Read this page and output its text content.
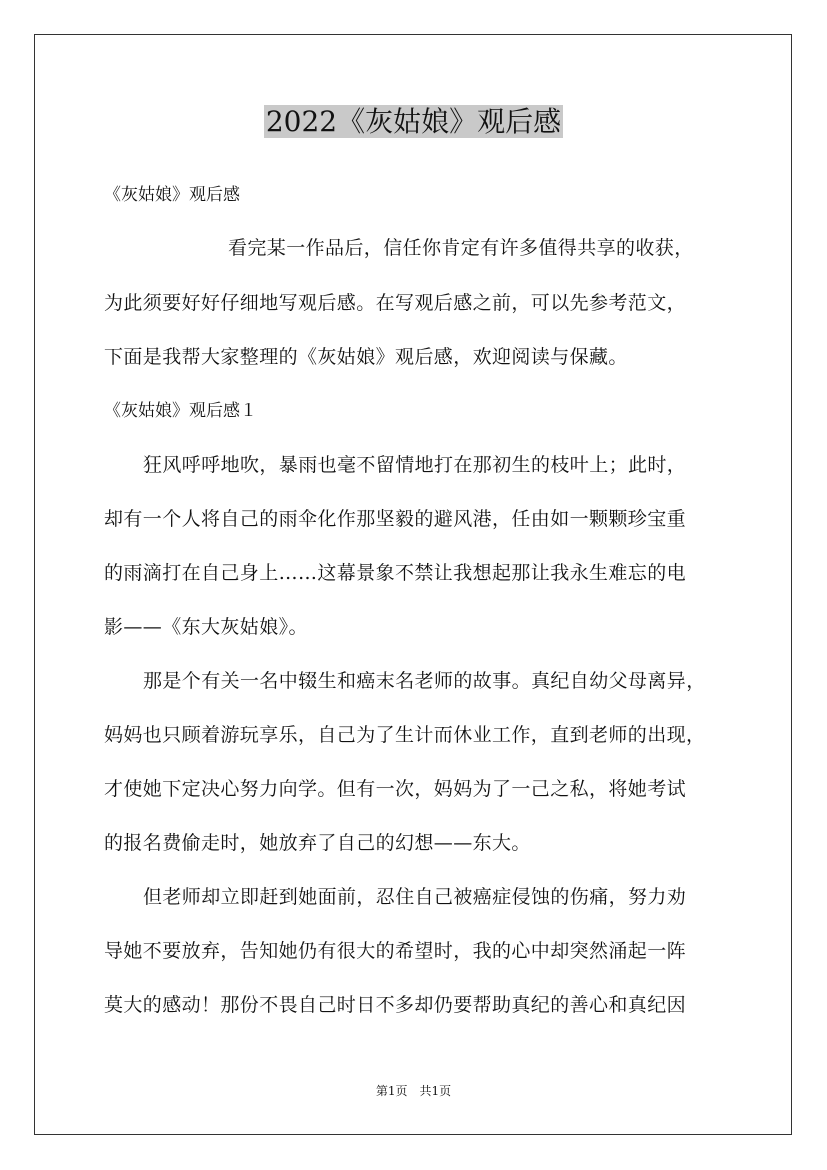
2022《灰姑娘》观后感
《灰姑娘》观后感
看完某一作品后，信任你肯定有许多值得共享的收获，
为此须要好好仔细地写观后感。在写观后感之前，可以先参考范文，
下面是我帮大家整理的《灰姑娘》观后感，欢迎阅读与保藏。
《灰姑娘》观后感１
狂风呼呼地吹，暴雨也毫不留情地打在那初生的枝叶上；此时，
却有一个人将自己的雨伞化作那坚毅的避风港，任由如一颗颗珍宝重
的雨滴打在自己身上……这幕景象不禁让我想起那让我永生难忘的电
影——《东大灰姑娘》。
那是个有关一名中辍生和癌末名老师的故事。真纪自幼父母离异，
妈妈也只顾着游玩享乐，自己为了生计而休业工作，直到老师的出现，
才使她下定决心努力向学。但有一次，妈妈为了一己之私，将她考试
的报名费偷走时，她放弃了自己的幻想——东大。
但老师却立即赶到她面前，忍住自己被癌症侵蚀的伤痛，努力劝
导她不要放弃，告知她仍有很大的希望时，我的心中却突然涌起一阵
莫大的感动！那份不畏自己时日不多却仍要帮助真纪的善心和真纪因
第1页　共1页
